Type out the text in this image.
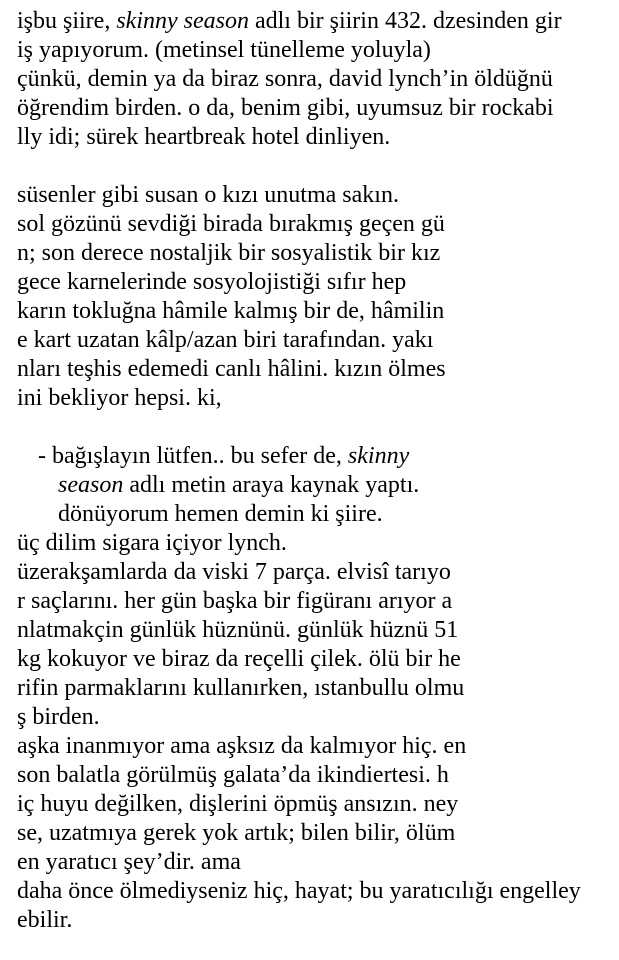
işbu şiire, skinny season adlı bir şiirin 432. dzesinden gir
iş yapıyorum. (metinsel tünelleme yoluyla)
çünkü, demin ya da biraz sonra, david lynch’in öldüğnü
öğrendim birden. o da, benim gibi, uyumsuz bir rockabi
lly idi; sürek heartbreak hotel dinliyen.

süsenler gibi susan o kızı unutma sakın.
sol gözünü sevdiği birada bırakmış geçen gü
n; son derece nostaljik bir sosyalistik bir kız
gece karnelerinde sosyolojistiği sıfır hep
karın tokluğna hâmile kalmış bir de, hâmilin
e kart uzatan kâlp/azan biri tarafından. yakı
nları teşhis edemedi canlı hâlini. kızın ölmes
ini bekliyor hepsi. ki,

- bağışlayın lütfen.. bu sefer de, skinny
season adlı metin araya kaynak yaptı.
dönüyorum hemen demin ki şiire.
üç dilim sigara içiyor lynch.
üzerakşamlarda da viski 7 parça. elvisî tarıyo
r saçlarını. her gün başka bir figüranı arıyor a
nlatmakçin günlük hüznünü. günlük hüznü 51
kg kokuyor ve biraz da reçelli çilek. ölü bir he
rifin parmaklarını kullanırken, ıstanbullu olmu
ş birden.
aşka inanmıyor ama aşksız da kalmıyor hiç. en
son balatla görülmüş galata’da ikindiertesi. h
iç huyu değilken, dişlerini öpmüş ansızın. ney
se, uzatmıya gerek yok artık; bilen bilir, ölüm
en yaratıcı şey’dir. ama
daha önce ölmediyseniz hiç, hayat; bu yaratıcılığı engelley
ebilir.
